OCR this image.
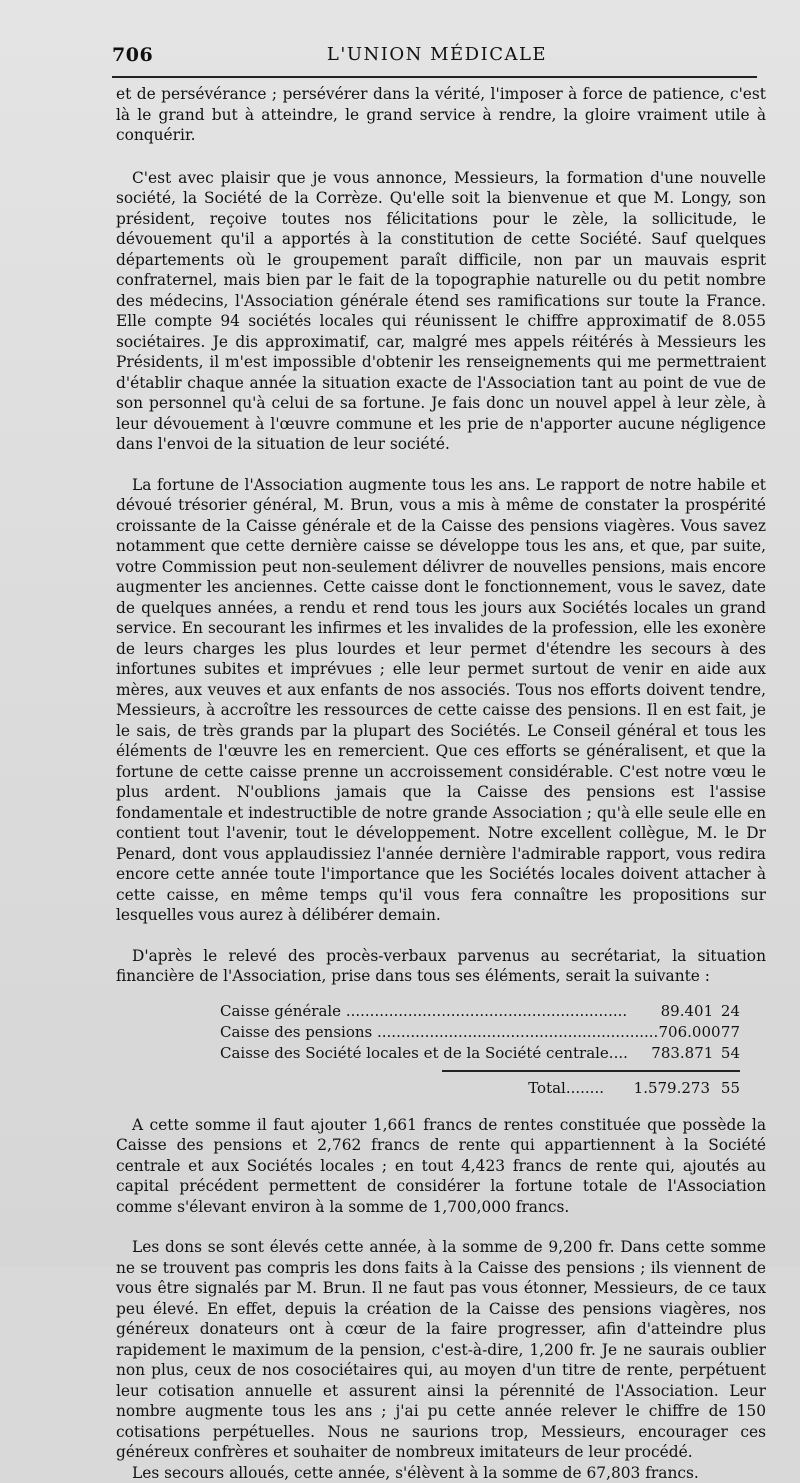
706	L'UNION MÉDICALE

et de persévérance ; persévérer dans la vérité, l'imposer à force de patience, c'est là le grand but à atteindre, le grand service à rendre, la gloire vraiment utile à conquérir.

C'est avec plaisir que je vous annonce, Messieurs, la formation d'une nouvelle société, la Société de la Corrèze. Qu'elle soit la bienvenue et que M. Longy, son président, reçoive toutes nos félicitations pour le zèle, la sollicitude, le dévouement qu'il a apportés à la constitution de cette Société. Sauf quelques départements où le groupement paraît difficile, non par un mauvais esprit confraternel, mais bien par le fait de la topographie naturelle ou du petit nombre des médecins, l'Association générale étend ses ramifications sur toute la France. Elle compte 94 sociétés locales qui réunissent le chiffre approximatif de 8.055 sociétaires. Je dis approximatif, car, malgré mes appels réitérés à Messieurs les Présidents, il m'est impossible d'obtenir les renseignements qui me permettraient d'établir chaque année la situation exacte de l'Association tant au point de vue de son personnel qu'à celui de sa fortune. Je fais donc un nouvel appel à leur zèle, à leur dévouement à l'œuvre commune et les prie de n'apporter aucune négligence dans l'envoi de la situation de leur société.

La fortune de l'Association augmente tous les ans. Le rapport de notre habile et dévoué trésorier général, M. Brun, vous a mis à même de constater la prospérité croissante de la Caisse générale et de la Caisse des pensions viagères. Vous savez notamment que cette dernière caisse se développe tous les ans, et que, par suite, votre Commission peut non-seulement délivrer de nouvelles pensions, mais encore augmenter les anciennes. Cette caisse dont le fonctionnement, vous le savez, date de quelques années, a rendu et rend tous les jours aux Sociétés locales un grand service. En secourant les infirmes et les invalides de la profession, elle les exonère de leurs charges les plus lourdes et leur permet d'étendre les secours à des infortunes subites et imprévues ; elle leur permet surtout de venir en aide aux mères, aux veuves et aux enfants de nos associés. Tous nos efforts doivent tendre, Messieurs, à accroître les ressources de cette caisse des pensions. Il en est fait, je le sais, de très grands par la plupart des Sociétés. Le Conseil général et tous les éléments de l'œuvre les en remercient. Que ces efforts se généralisent, et que la fortune de cette caisse prenne un accroissement considérable. C'est notre vœu le plus ardent. N'oublions jamais que la Caisse des pensions est l'assise fondamentale et indestructible de notre grande Association ; qu'à elle seule elle en contient tout l'avenir, tout le développement. Notre excellent collègue, M. le Dr Penard, dont vous applaudissiez l'année dernière l'admirable rapport, vous redira encore cette année toute l'importance que les Sociétés locales doivent attacher à cette caisse, en même temps qu'il vous fera connaître les propositions sur lesquelles vous aurez à délibérer demain.

D'après le relevé des procès-verbaux parvenus au secrétariat, la situation financière de l'Association, prise dans tous ses éléments, serait la suivante :

Caisse générale .....	89.401 24
Caisse des pensions .....	706.000 77
Caisse des Société locales et de la Société centrale....	783.871 54
Total........	1.579.273 55

A cette somme il faut ajouter 1,661 francs de rentes constituée que possède la Caisse des pensions et 2,762 francs de rente qui appartiennent à la Société centrale et aux Sociétés locales ; en tout 4,423 francs de rente qui, ajoutés au capital précédent permettent de considérer la fortune totale de l'Association comme s'élevant environ à la somme de 1,700,000 francs.

Les dons se sont élevés cette année, à la somme de 9,200 fr. Dans cette somme ne se trouvent pas compris les dons faits à la Caisse des pensions ; ils viennent de vous être signalés par M. Brun. Il ne faut pas vous étonner, Messieurs, de ce taux peu élevé. En effet, depuis la création de la Caisse des pensions viagères, nos généreux donateurs ont à cœur de la faire progresser, afin d'atteindre plus rapidement le maximum de la pension, c'est-à-dire, 1,200 fr. Je ne saurais oublier non plus, ceux de nos cosociétaires qui, au moyen d'un titre de rente, perpétuent leur cotisation annuelle et assurent ainsi la pérennité de l'Association. Leur nombre augmente tous les ans ; j'ai pu cette année relever le chiffre de 150 cotisations perpétuelles. Nous ne saurions trop, Messieurs, encourager ces généreux confrères et souhaiter de nombreux imitateurs de leur procédé.

Les secours alloués, cette année, s'élèvent à la somme de 67,803 francs.
